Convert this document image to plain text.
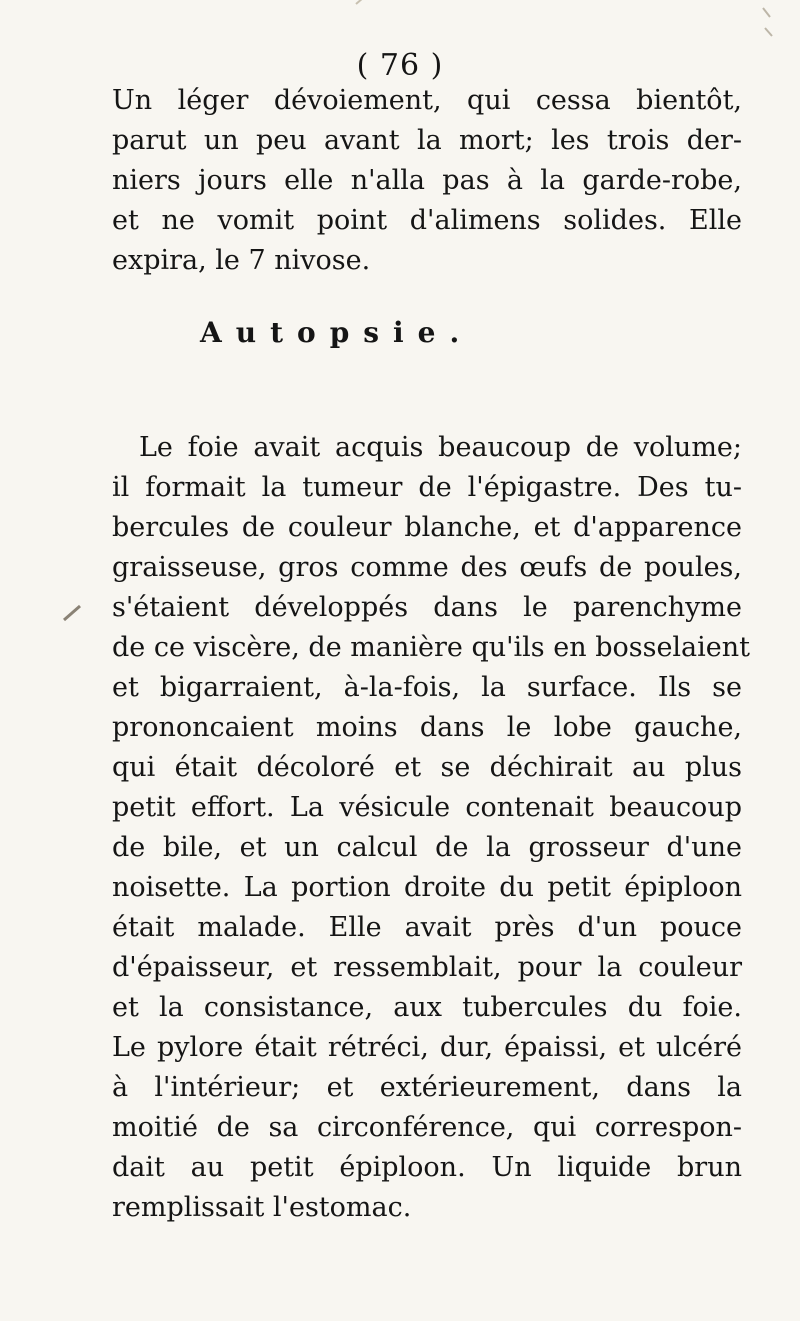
( 76 )
Un léger dévoiement, qui cessa bientôt,
parut un peu avant la mort; les trois der-
niers jours elle n'alla pas à la garde-robe,
et ne vomit point d'alimens solides. Elle
expira, le 7 nivose.
Autopsie.
Le foie avait acquis beaucoup de volume;
il formait la tumeur de l'épigastre. Des tu-
bercules de couleur blanche, et d'apparence
graisseuse, gros comme des œufs de poules,
s'étaient développés dans le parenchyme
de ce viscère, de manière qu'ils en bosselaient
et bigarraient, à-la-fois, la surface. Ils se
prononcaient moins dans le lobe gauche,
qui était décoloré et se déchirait au plus
petit effort. La vésicule contenait beaucoup
de bile, et un calcul de la grosseur d'une
noisette. La portion droite du petit épiploon
était malade. Elle avait près d'un pouce
d'épaisseur, et ressemblait, pour la couleur
et la consistance, aux tubercules du foie.
Le pylore était rétréci, dur, épaissi, et ulcéré
à l'intérieur; et extérieurement, dans la
moitié de sa circonférence, qui correspon-
dait au petit épiploon. Un liquide brun
remplissait l'estomac.
